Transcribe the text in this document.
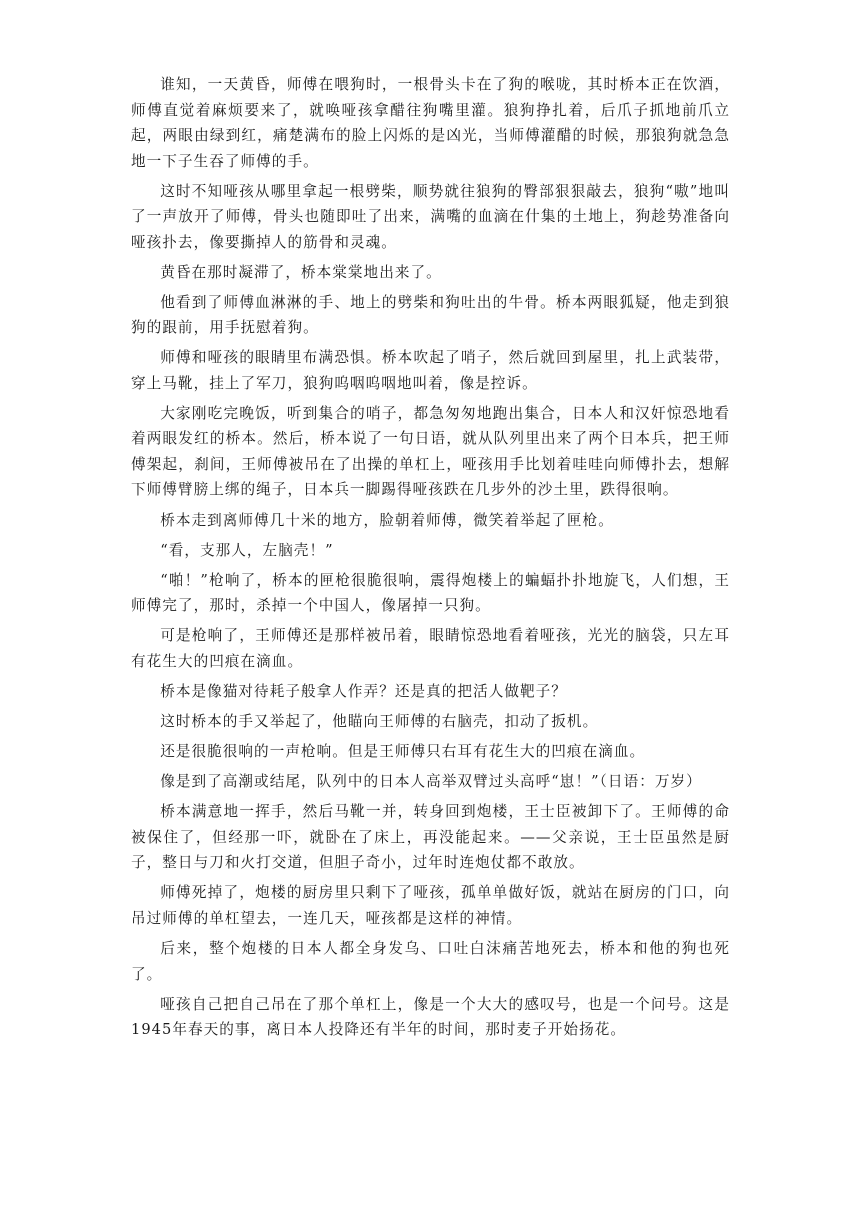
谁知，一天黄昏，师傅在喂狗时，一根骨头卡在了狗的喉咙，其时桥本正在饮酒，师傅直觉着麻烦要来了，就唤哑孩拿醋往狗嘴里灌。狼狗挣扎着，后爪子抓地前爪立起，两眼由绿到红，痛楚满布的脸上闪烁的是凶光，当师傅灌醋的时候，那狼狗就急急地一下子生吞了师傅的手。

这时不知哑孩从哪里拿起一根劈柴，顺势就往狼狗的臀部狠狠敲去，狼狗“嗷”地叫了一声放开了师傅，骨头也随即吐了出来，满嘴的血滴在什集的土地上，狗趁势准备向哑孩扑去，像要撕掉人的筋骨和灵魂。

黄昏在那时凝滞了，桥本棠棠地出来了。

他看到了师傅血淋淋的手、地上的劈柴和狗吐出的牛骨。桥本两眼狐疑，他走到狼狗的跟前，用手抚慰着狗。

师傅和哑孩的眼睛里布满恐惧。桥本吹起了哨子，然后就回到屋里，扎上武装带，穿上马靴，挂上了军刀，狼狗呜咽呜咽地叫着，像是控诉。

大家刚吃完晚饭，听到集合的哨子，都急匆匆地跑出集合，日本人和汉奸惊恐地看着两眼发红的桥本。然后，桥本说了一句日语，就从队列里出来了两个日本兵，把王师傅架起，刹间，王师傅被吊在了出操的单杠上，哑孩用手比划着哇哇向师傅扑去，想解下师傅臂膀上绑的绳子，日本兵一脚踢得哑孩跌在几步外的沙土里，跌得很响。

桥本走到离师傅几十米的地方，脸朝着师傅，微笑着举起了匣枪。

“看，支那人，左脑壳！”

“啪！”枪响了，桥本的匣枪很脆很响，震得炮楼上的蝙蝠扑扑地旋飞，人们想，王师傅完了，那时，杀掉一个中国人，像屠掉一只狗。

可是枪响了，王师傅还是那样被吊着，眼睛惊恐地看着哑孩，光光的脑袋，只左耳有花生大的凹痕在滴血。

桥本是像猫对待耗子般拿人作弄？还是真的把活人做靶子？

这时桥本的手又举起了，他瞄向王师傅的右脑壳，扣动了扳机。

还是很脆很响的一声枪响。但是王师傅只右耳有花生大的凹痕在滴血。

像是到了高潮或结尾，队列中的日本人高举双臂过头高呼“崽！”（日语：万岁）

桥本满意地一挥手，然后马靴一并，转身回到炮楼，王士臣被卸下了。王师傅的命被保住了，但经那一吓，就卧在了床上，再没能起来。——父亲说，王士臣虽然是厨子，整日与刀和火打交道，但胆子奇小，过年时连炮仗都不敢放。

师傅死掉了，炮楼的厨房里只剩下了哑孩，孤单单做好饭，就站在厨房的门口，向吊过师傅的单杠望去，一连几天，哑孩都是这样的神情。

后来，整个炮楼的日本人都全身发乌、口吐白沫痛苦地死去，桥本和他的狗也死了。

哑孩自己把自己吊在了那个单杠上，像是一个大大的感叹号，也是一个问号。这是1945年春天的事，离日本人投降还有半年的时间，那时麦子开始扬花。
